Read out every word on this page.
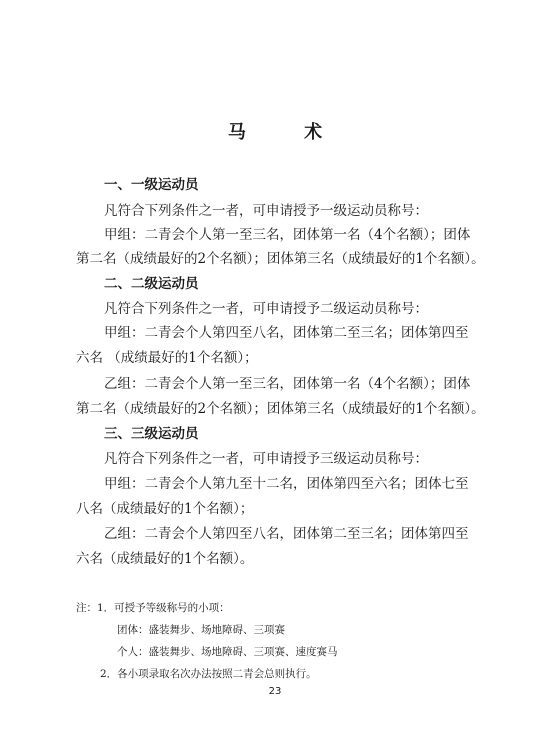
马 术
一、一级运动员
凡符合下列条件之一者，可申请授予一级运动员称号：
甲组：二青会个人第一至三名，团体第一名（4个名额）；团体
第二名（成绩最好的2个名额）；团体第三名（成绩最好的1个名额）。
二、二级运动员
凡符合下列条件之一者，可申请授予二级运动员称号：
甲组：二青会个人第四至八名，团体第二至三名；团体第四至
六名 （成绩最好的1个名额）；
乙组：二青会个人第一至三名，团体第一名（4个名额）；团体
第二名（成绩最好的2个名额）；团体第三名（成绩最好的1个名额）。
三、三级运动员
凡符合下列条件之一者，可申请授予三级运动员称号：
甲组：二青会个人第九至十二名，团体第四至六名；团体七至
八名（成绩最好的1个名额）；
乙组：二青会个人第四至八名，团体第二至三名；团体第四至
六名（成绩最好的1个名额）。
注：1．可授予等级称号的小项：
团体：盛装舞步、场地障碍、三项赛
个人：盛装舞步、场地障碍、三项赛、速度赛马
2．各小项录取名次办法按照二青会总则执行。
23
